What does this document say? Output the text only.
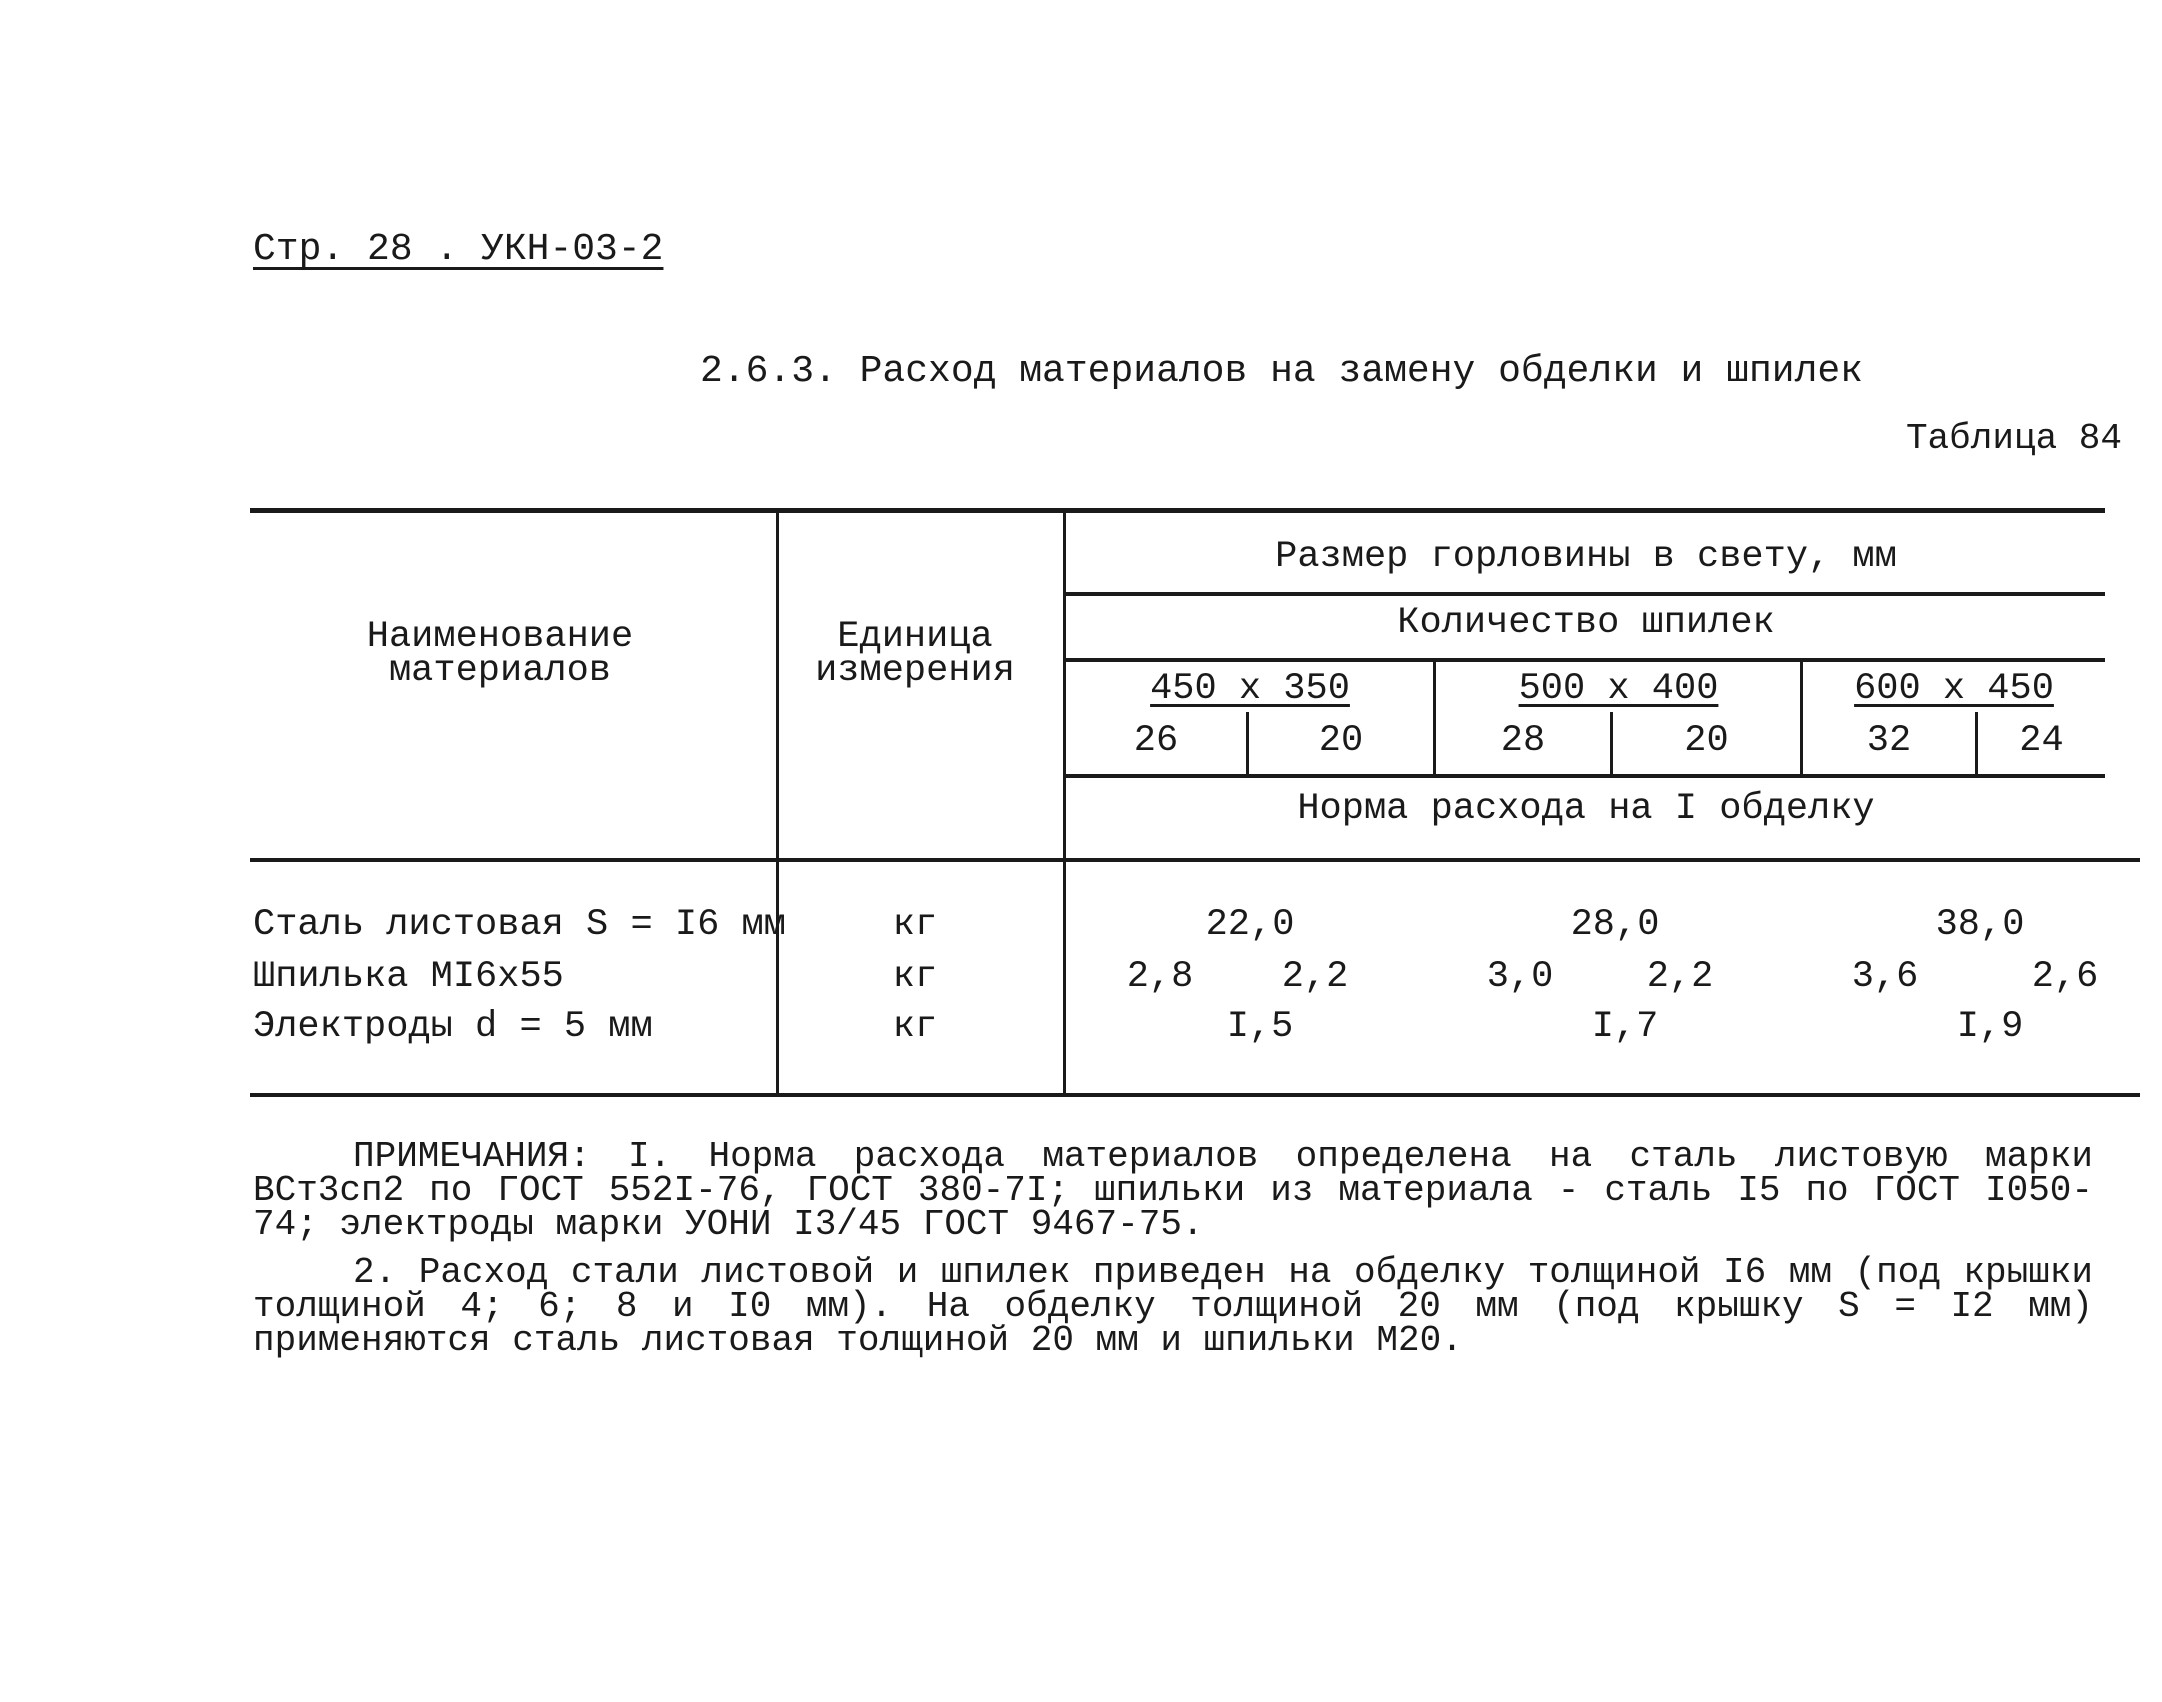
Стр. 28 . УКН-03-2
2.6.3. Расход материалов на замену обделки и шпилек
Таблица 84
Наименование материалов
Единица измерения
Размер горловины в свету, мм
Количество шпилек
450 х 350	500 х 400	600 х 450
26	20	28	20	32	24
Норма расхода на I обделку
Сталь листовая S = I6 мм	кг	22,0	28,0	38,0
Шпилька MI6x55	кг	2,8	2,2	3,0	2,2	3,6	2,6
Электроды d = 5 мм	кг	I,5	I,7	I,9

ПРИМЕЧАНИЯ: I. Норма расхода материалов определена на сталь листовую марки ВСт3сп2 по ГОСТ 552I-76, ГОСТ 380-7I; шпильки из материала - сталь I5 по ГОСТ I050-74; электроды марки УОНИ I3/45 ГОСТ 9467-75.

2. Расход стали листовой и шпилек приведен на обделку толщиной I6 мм (под крышки толщиной 4; 6; 8 и I0 мм). На обделку толщиной 20 мм (под крышку S = I2 мм) применяются сталь листовая толщиной 20 мм и шпильки М20.
